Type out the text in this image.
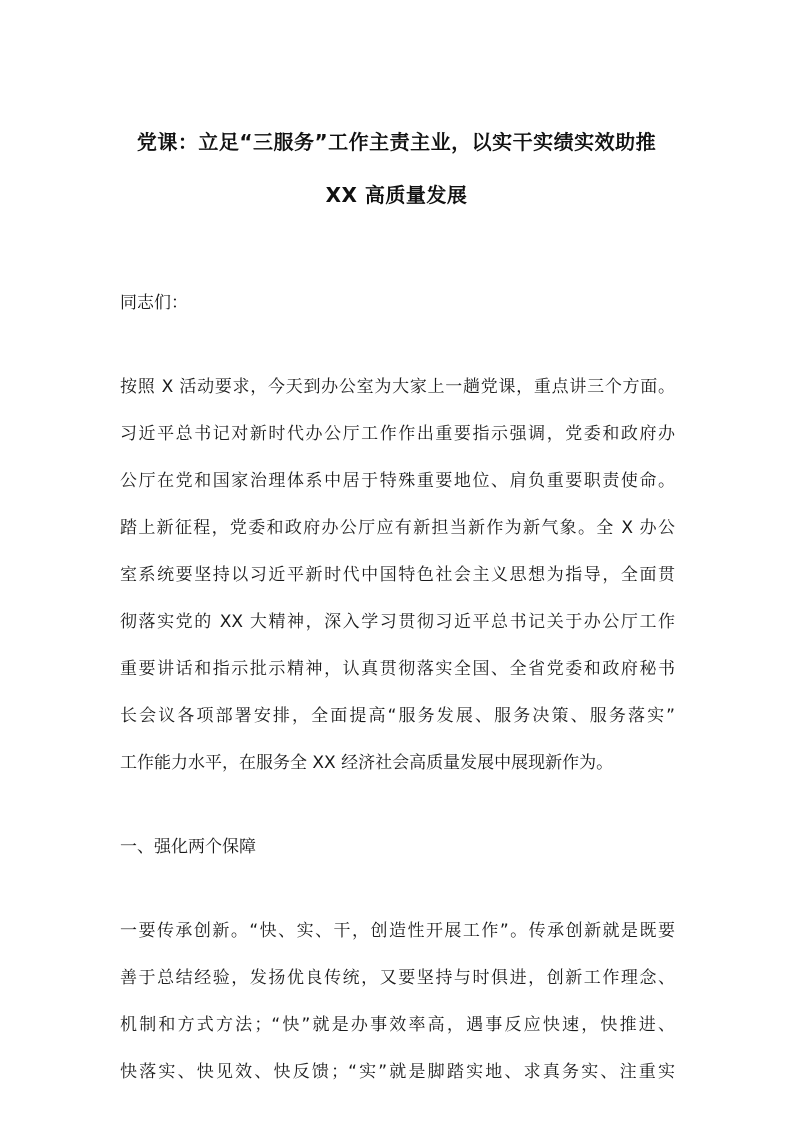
党课：立足“三服务”工作主责主业，以实干实绩实效助推
XX 高质量发展
同志们：
按照 X 活动要求，今天到办公室为大家上一趟党课，重点讲三个方面。
习近平总书记对新时代办公厅工作作出重要指示强调，党委和政府办
公厅在党和国家治理体系中居于特殊重要地位、肩负重要职责使命。
踏上新征程，党委和政府办公厅应有新担当新作为新气象。全 X 办公
室系统要坚持以习近平新时代中国特色社会主义思想为指导，全面贯
彻落实党的 XX 大精神，深入学习贯彻习近平总书记关于办公厅工作
重要讲话和指示批示精神，认真贯彻落实全国、全省党委和政府秘书
长会议各项部署安排，全面提高“服务发展、服务决策、服务落实”
工作能力水平，在服务全 XX 经济社会高质量发展中展现新作为。
一、强化两个保障
一要传承创新。“快、实、干，创造性开展工作”。传承创新就是既要
善于总结经验，发扬优良传统，又要坚持与时俱进，创新工作理念、
机制和方式方法；“快”就是办事效率高，遇事反应快速，快推进、
快落实、快见效、快反馈；“实”就是脚踏实地、求真务实、注重实
